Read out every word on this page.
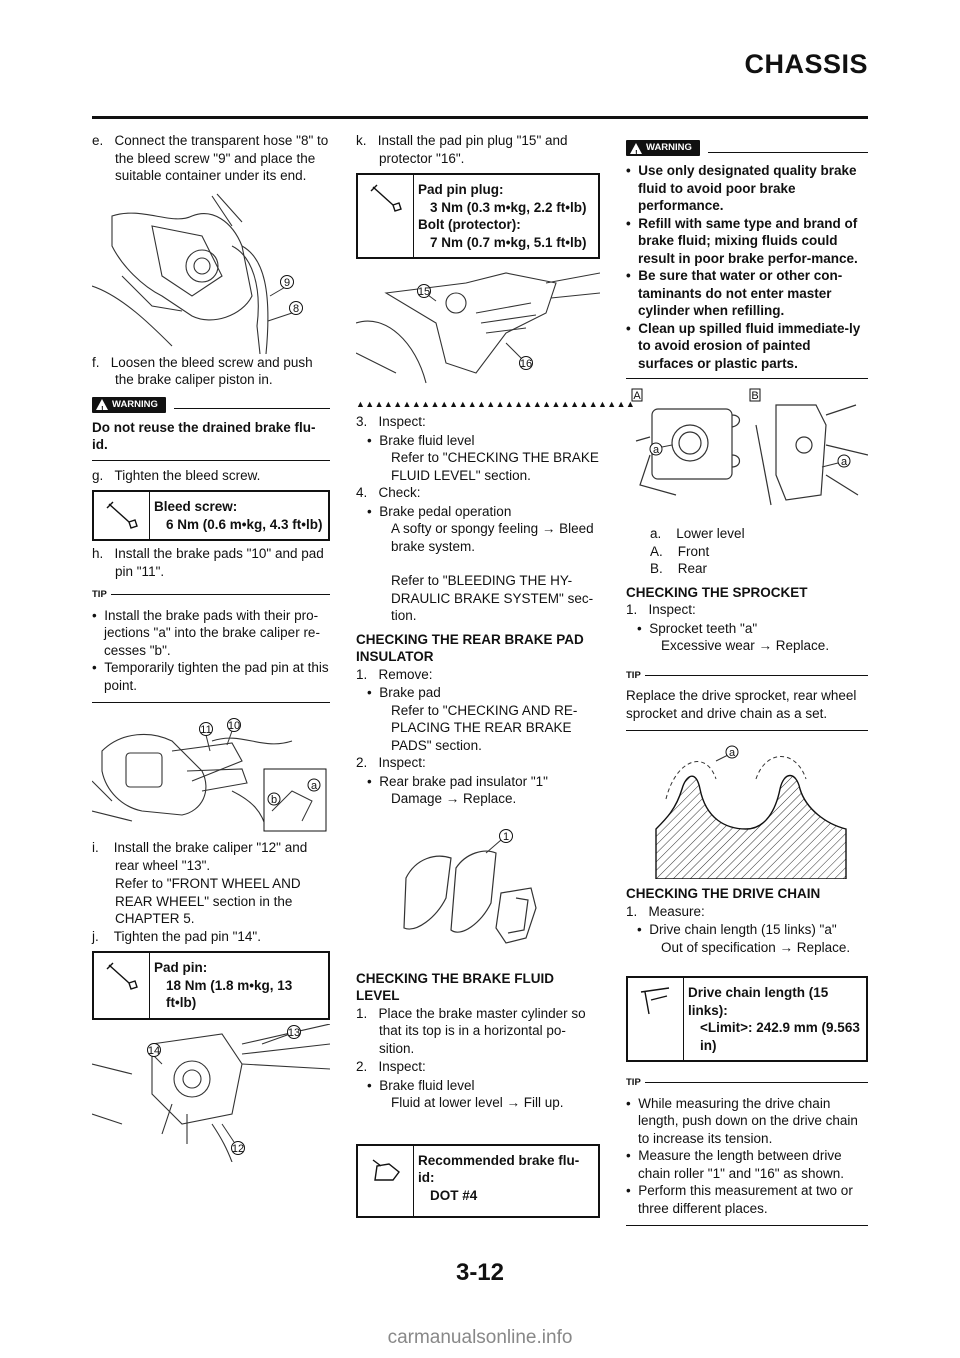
CHASSIS
e. Connect the transparent hose "8" to the bleed screw "9" and place the suitable container under its end.
9
8
f. Loosen the bleed screw and push the brake caliper piston in.
! WARNING
Do not reuse the drained brake flu-id.
g. Tighten the bleed screw.
Bleed screw:
6 Nm (0.6 m•kg, 4.3 ft•lb)
h. Install the brake pads "10" and pad pin "11".
TIP
•  Install the brake pads with their pro-jections "a" into the brake caliper re-cesses "b".
•  Temporarily tighten the pad pin at this point.
11 10
a
b
i. Install the brake caliper "12" and rear wheel "13".
Refer to "FRONT WHEEL AND REAR WHEEL" section in the CHAPTER 5.
j. Tighten the pad pin "14".
Pad pin:
18 Nm (1.8 m•kg, 13 ft•lb)
13
14
12
k. Install the pad pin plug "15" and protector "16".
Pad pin plug:
3 Nm (0.3 m•kg, 2.2 ft•lb)
Bolt (protector):
7 Nm (0.7 m•kg, 5.1 ft•lb)
15
16
▲▲▲▲▲▲▲▲▲▲▲▲▲▲▲▲▲▲▲▲▲▲▲▲▲▲▲▲▲▲
3. Inspect:
•  Brake fluid level
Refer to "CHECKING THE BRAKE FLUID LEVEL" section.
4. Check:
•  Brake pedal operation
A softy or spongy feeling → Bleed brake system.
Refer to "BLEEDING THE HY-DRAULIC BRAKE SYSTEM" sec-tion.
CHECKING THE REAR BRAKE PAD INSULATOR
1. Remove:
•  Brake pad
Refer to "CHECKING AND RE-PLACING THE REAR BRAKE PADS" section.
2. Inspect:
•  Rear brake pad insulator "1"
Damage → Replace.
1
CHECKING THE BRAKE FLUID LEVEL
1. Place the brake master cylinder so that its top is in a horizontal po-sition.
2. Inspect:
•  Brake fluid level
Fluid at lower level → Fill up.
Recommended brake flu-id:
DOT #4
! WARNING
•  Use only designated quality brake fluid to avoid poor brake performance.
•  Refill with same type and brand of brake fluid; mixing fluids could result in poor brake perfor-mance.
•  Be sure that water or other con-taminants do not enter master cylinder when refilling.
•  Clean up spilled fluid immediate-ly to avoid erosion of painted surfaces or plastic parts.
A	B
a
a
a. Lower level
A. Front
B. Rear
CHECKING THE SPROCKET
1. Inspect:
•  Sprocket teeth "a"
Excessive wear → Replace.
TIP
Replace the drive sprocket, rear wheel sprocket and drive chain as a set.
a
CHECKING THE DRIVE CHAIN
1. Measure:
•  Drive chain length (15 links) "a"
Out of specification → Replace.
Drive chain length (15 links):
<Limit>: 242.9 mm (9.563 in)
TIP
•  While measuring the drive chain length, push down on the drive chain to increase its tension.
•  Measure the length between drive chain roller "1" and "16" as shown.
•  Perform this measurement at two or three different places.
3-12
carmanualsonline.info
